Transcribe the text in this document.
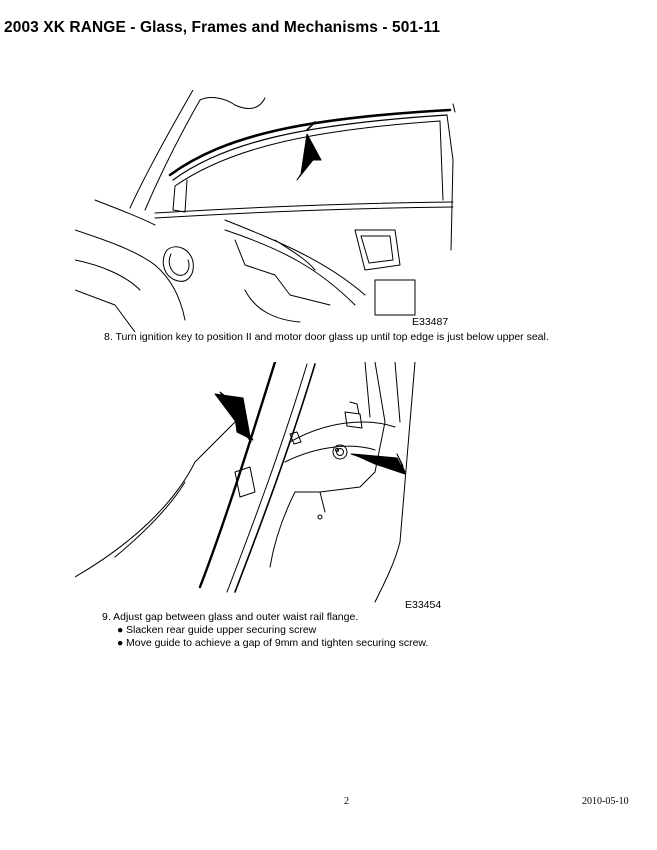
2003 XK RANGE - Glass, Frames and Mechanisms - 501-11
E33487
8. Turn ignition key to position II and motor door glass up until top edge is just below upper seal.
E33454
9. Adjust gap between glass and outer waist rail flange.
● Slacken rear guide upper securing screw
● Move guide to achieve a gap of 9mm and tighten securing screw.
2	2010-05-10
